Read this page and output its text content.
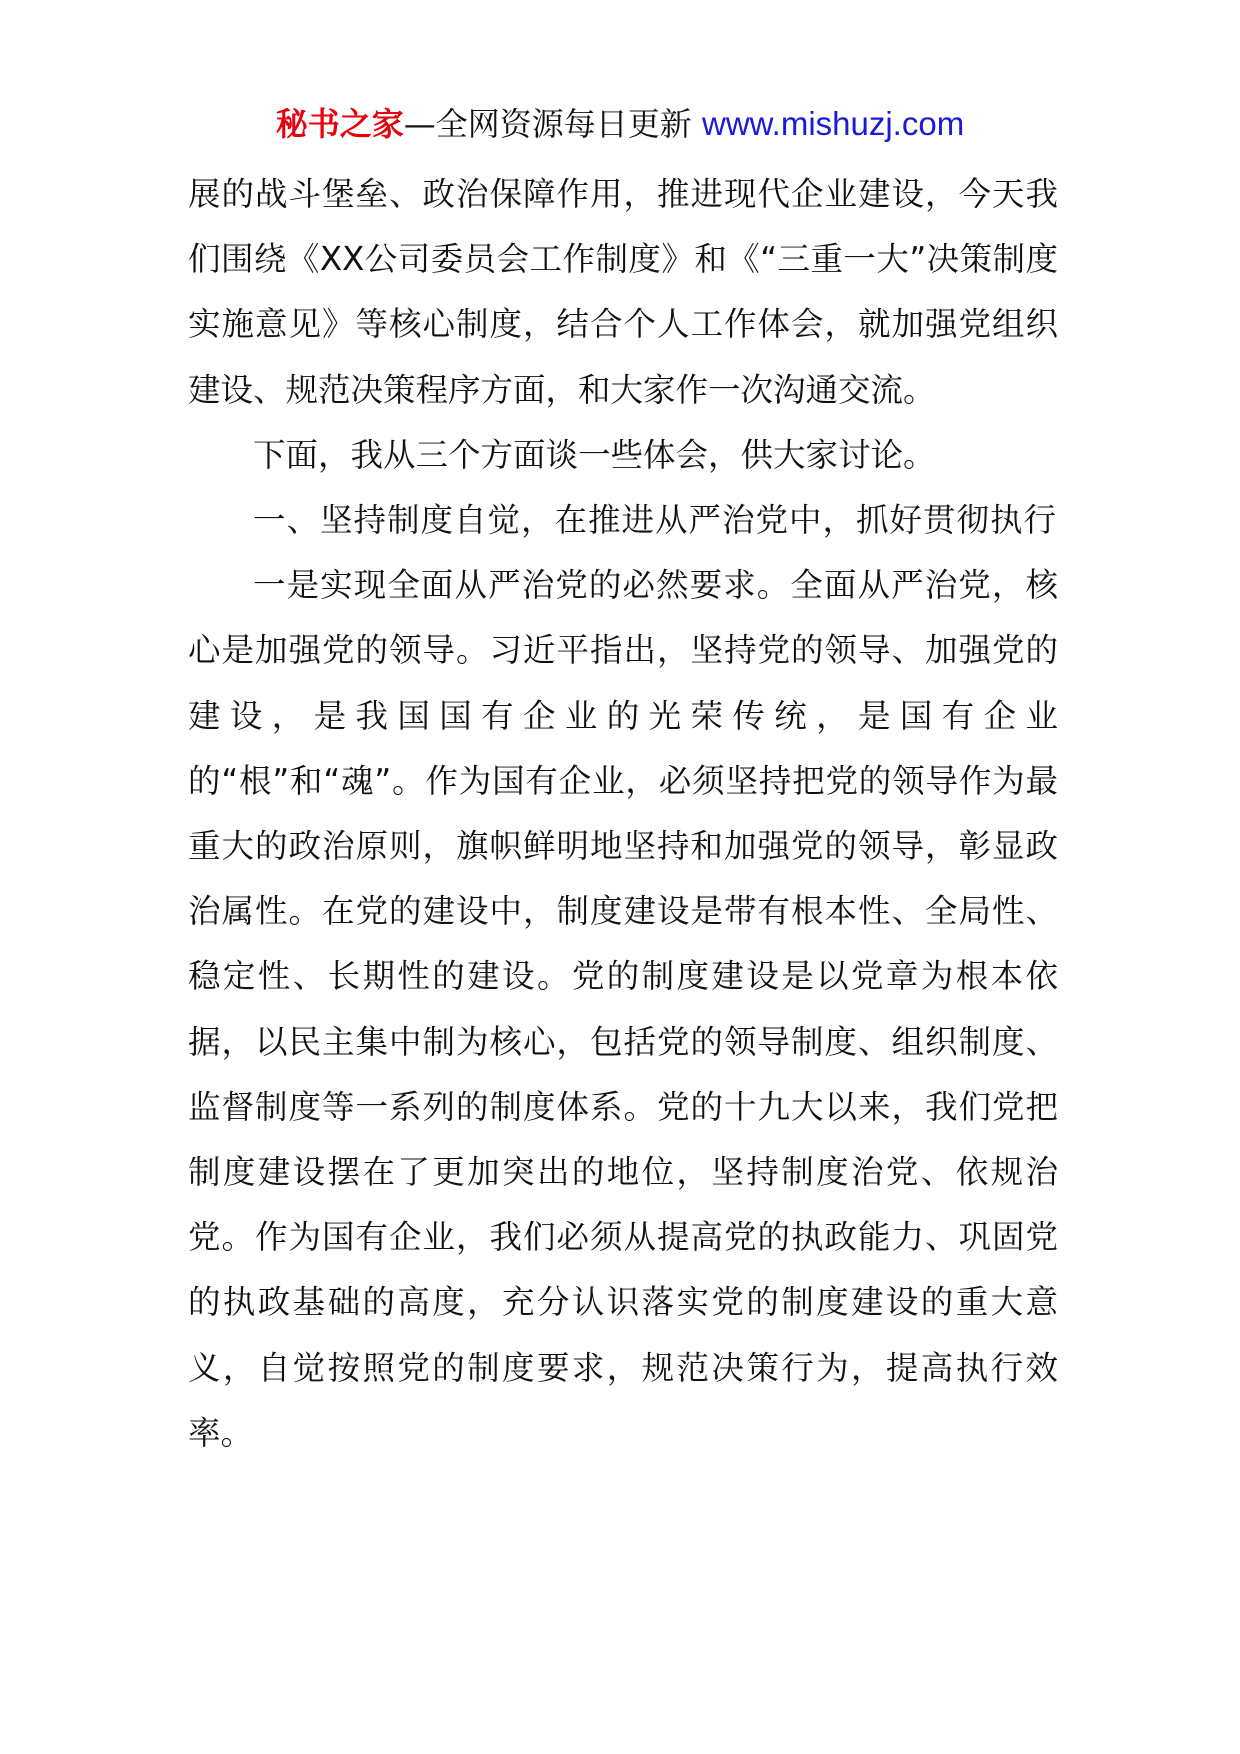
秘书之家—全网资源每日更新 www.mishuzj.com

展的战斗堡垒、政治保障作用，推进现代企业建设，今天我们围绕《XX公司委员会工作制度》和《“三重一大”决策制度实施意见》等核心制度，结合个人工作体会，就加强党组织建设、规范决策程序方面，和大家作一次沟通交流。

下面，我从三个方面谈一些体会，供大家讨论。

一、坚持制度自觉，在推进从严治党中，抓好贯彻执行

一是实现全面从严治党的必然要求。全面从严治党，核心是加强党的领导。习近平指出，坚持党的领导、加强党的建设，是我国国有企业的光荣传统，是国有企业的“根”和“魂”。作为国有企业，必须坚持把党的领导作为最重大的政治原则，旗帜鲜明地坚持和加强党的领导，彰显政治属性。在党的建设中，制度建设是带有根本性、全局性、稳定性、长期性的建设。党的制度建设是以党章为根本依据，以民主集中制为核心，包括党的领导制度、组织制度、监督制度等一系列的制度体系。党的十九大以来，我们党把制度建设摆在了更加突出的地位，坚持制度治党、依规治党。作为国有企业，我们必须从提高党的执政能力、巩固党的执政基础的高度，充分认识落实党的制度建设的重大意义，自觉按照党的制度要求，规范决策行为，提高执行效率。
